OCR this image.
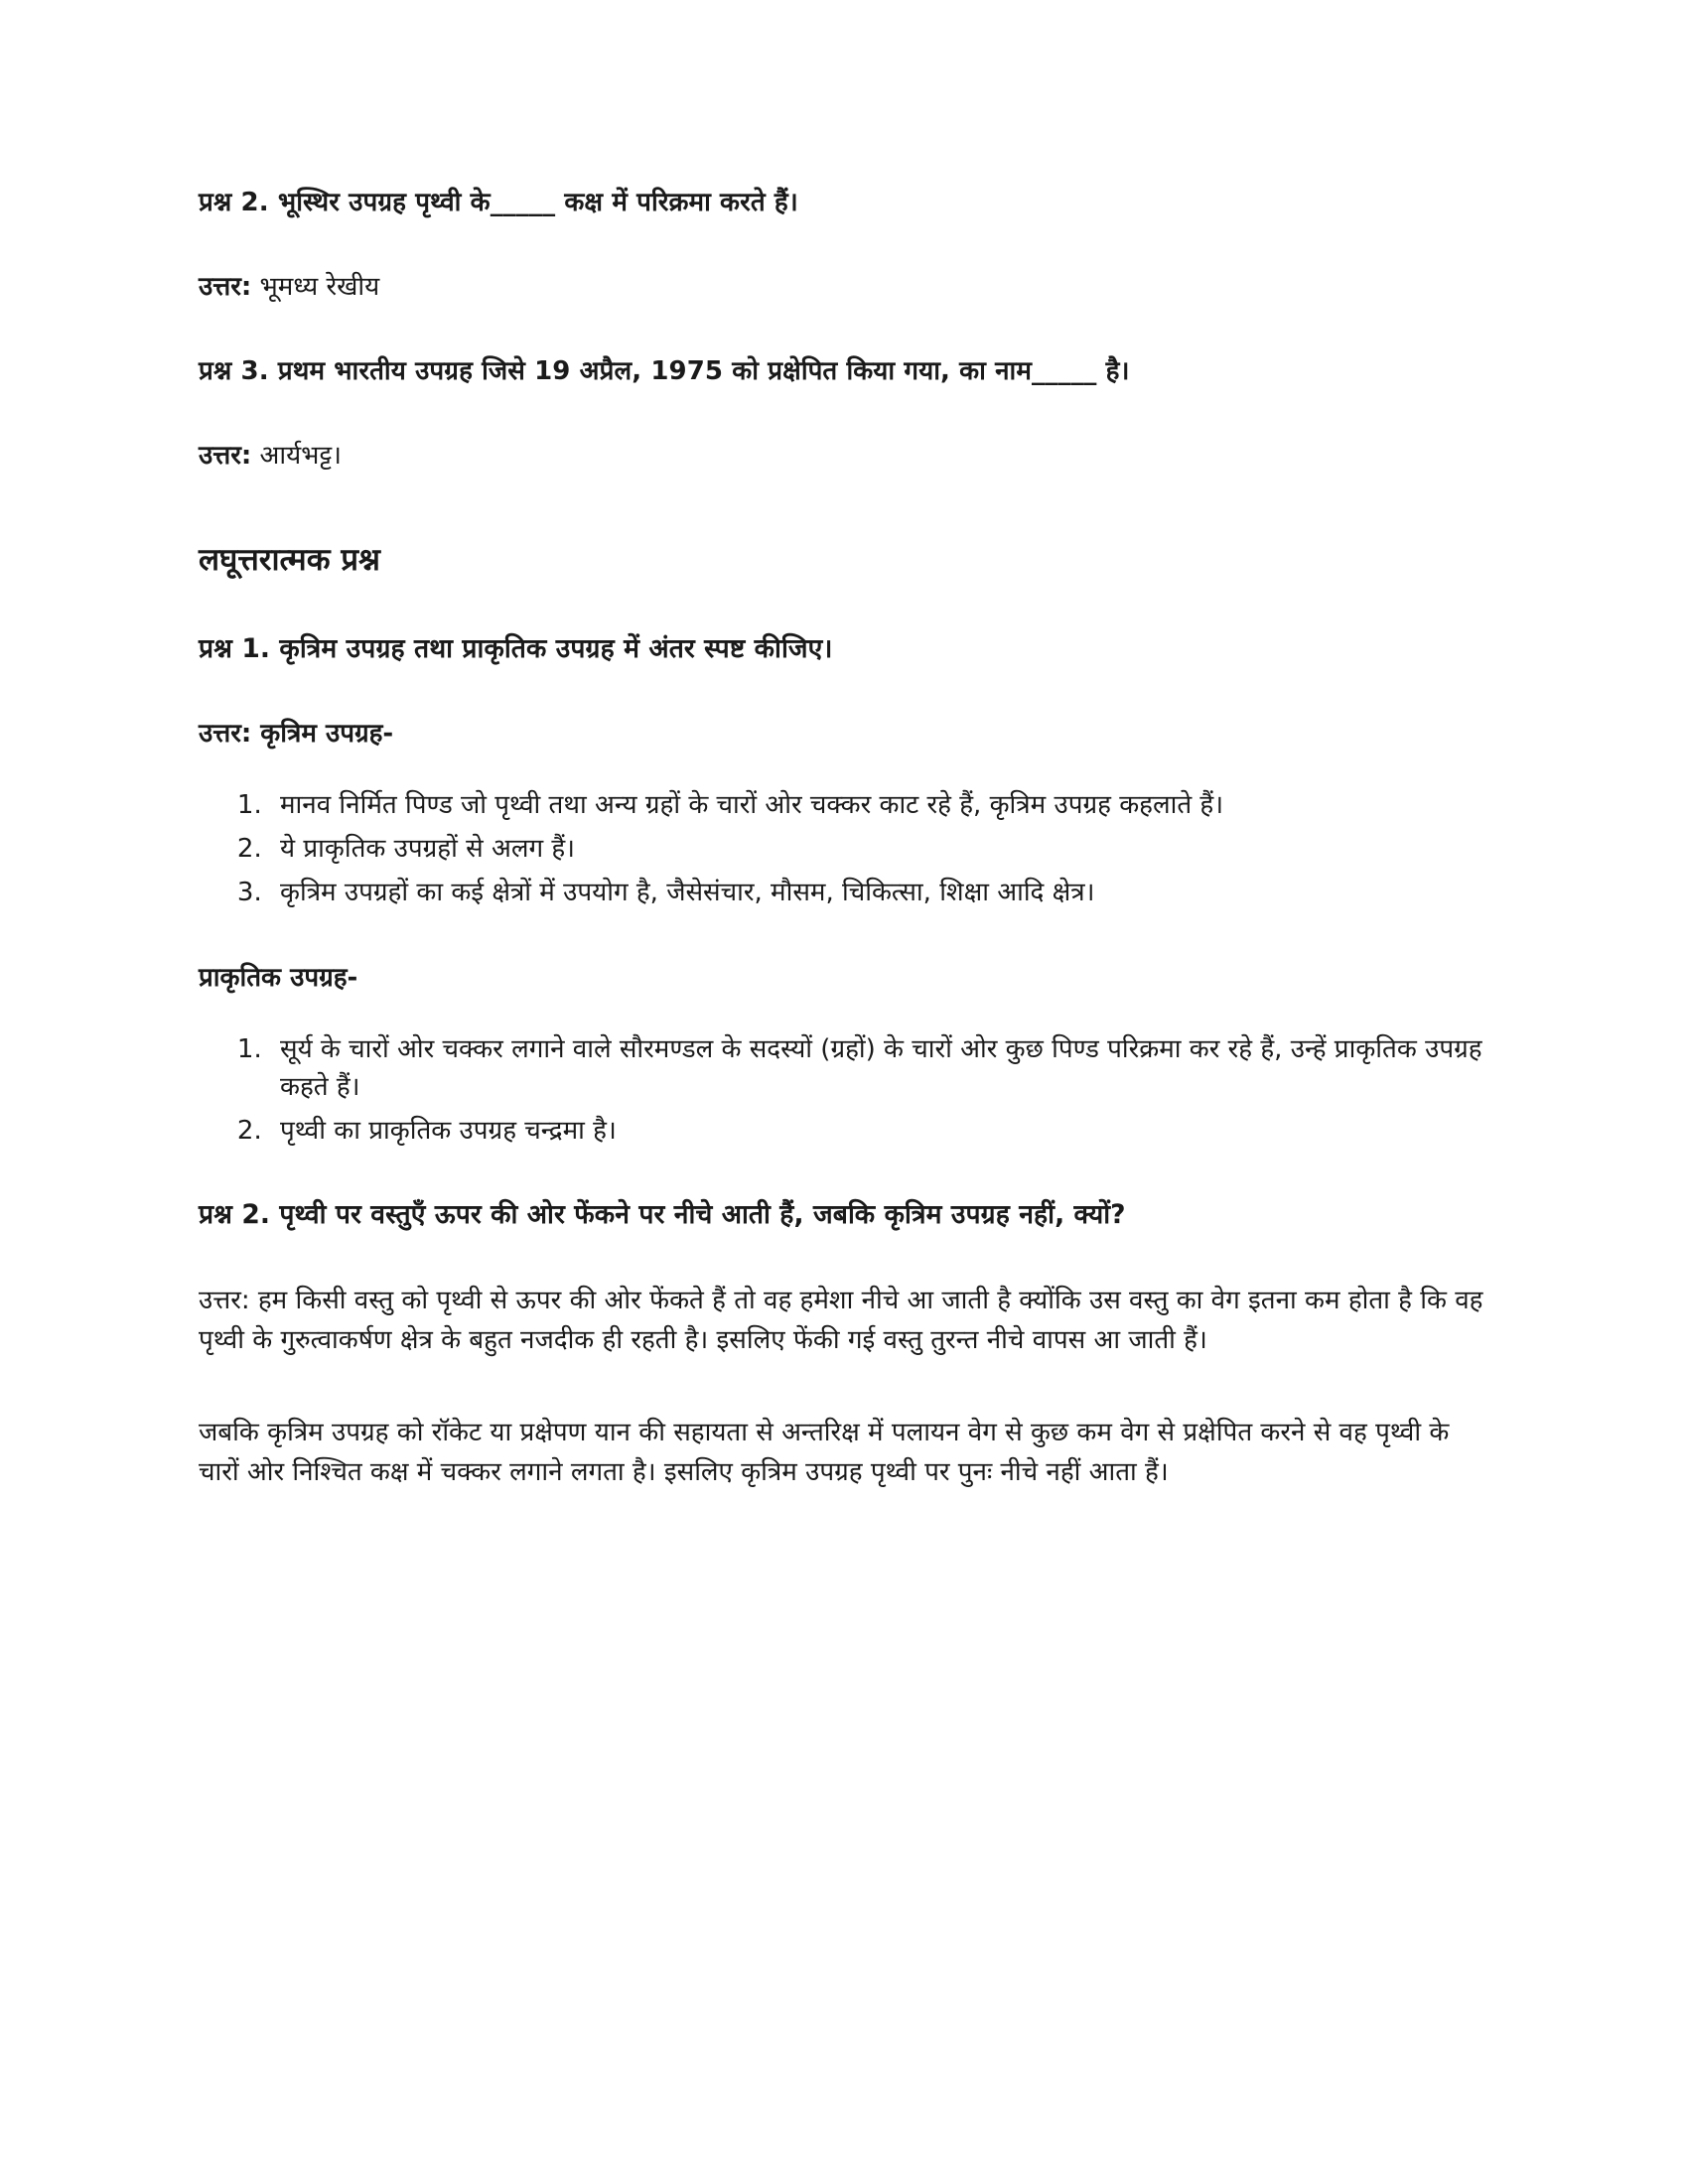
प्रश्न 2. भूस्थिर उपग्रह पृथ्वी के_____ कक्ष में परिक्रमा करते हैं।

उत्तर: भूमध्य रेखीय

प्रश्न 3. प्रथम भारतीय उपग्रह जिसे 19 अप्रैल, 1975 को प्रक्षेपित किया गया, का नाम_____ है।

उत्तर: आर्यभट्ट।

लघूत्तरात्मक प्रश्न

प्रश्न 1. कृत्रिम उपग्रह तथा प्राकृतिक उपग्रह में अंतर स्पष्ट कीजिए।

उत्तर: कृत्रिम उपग्रह-

1. मानव निर्मित पिण्ड जो पृथ्वी तथा अन्य ग्रहों के चारों ओर चक्कर काट रहे हैं, कृत्रिम उपग्रह कहलाते हैं।
2. ये प्राकृतिक उपग्रहों से अलग हैं।
3. कृत्रिम उपग्रहों का कई क्षेत्रों में उपयोग है, जैसेसंचार, मौसम, चिकित्सा, शिक्षा आदि क्षेत्र।

प्राकृतिक उपग्रह-

1. सूर्य के चारों ओर चक्कर लगाने वाले सौरमण्डल के सदस्यों (ग्रहों) के चारों ओर कुछ पिण्ड परिक्रमा कर रहे हैं, उन्हें प्राकृतिक उपग्रह कहते हैं।
2. पृथ्वी का प्राकृतिक उपग्रह चन्द्रमा है।

प्रश्न 2. पृथ्वी पर वस्तुएँ ऊपर की ओर फेंकने पर नीचे आती हैं, जबकि कृत्रिम उपग्रह नहीं, क्यों?

उत्तर: हम किसी वस्तु को पृथ्वी से ऊपर की ओर फेंकते हैं तो वह हमेशा नीचे आ जाती है क्योंकि उस वस्तु का वेग इतना कम होता है कि वह पृथ्वी के गुरुत्वाकर्षण क्षेत्र के बहुत नजदीक ही रहती है। इसलिए फेंकी गई वस्तु तुरन्त नीचे वापस आ जाती हैं।

जबकि कृत्रिम उपग्रह को रॉकेट या प्रक्षेपण यान की सहायता से अन्तरिक्ष में पलायन वेग से कुछ कम वेग से प्रक्षेपित करने से वह पृथ्वी के चारों ओर निश्चित कक्ष में चक्कर लगाने लगता है। इसलिए कृत्रिम उपग्रह पृथ्वी पर पुनः नीचे नहीं आता हैं।
